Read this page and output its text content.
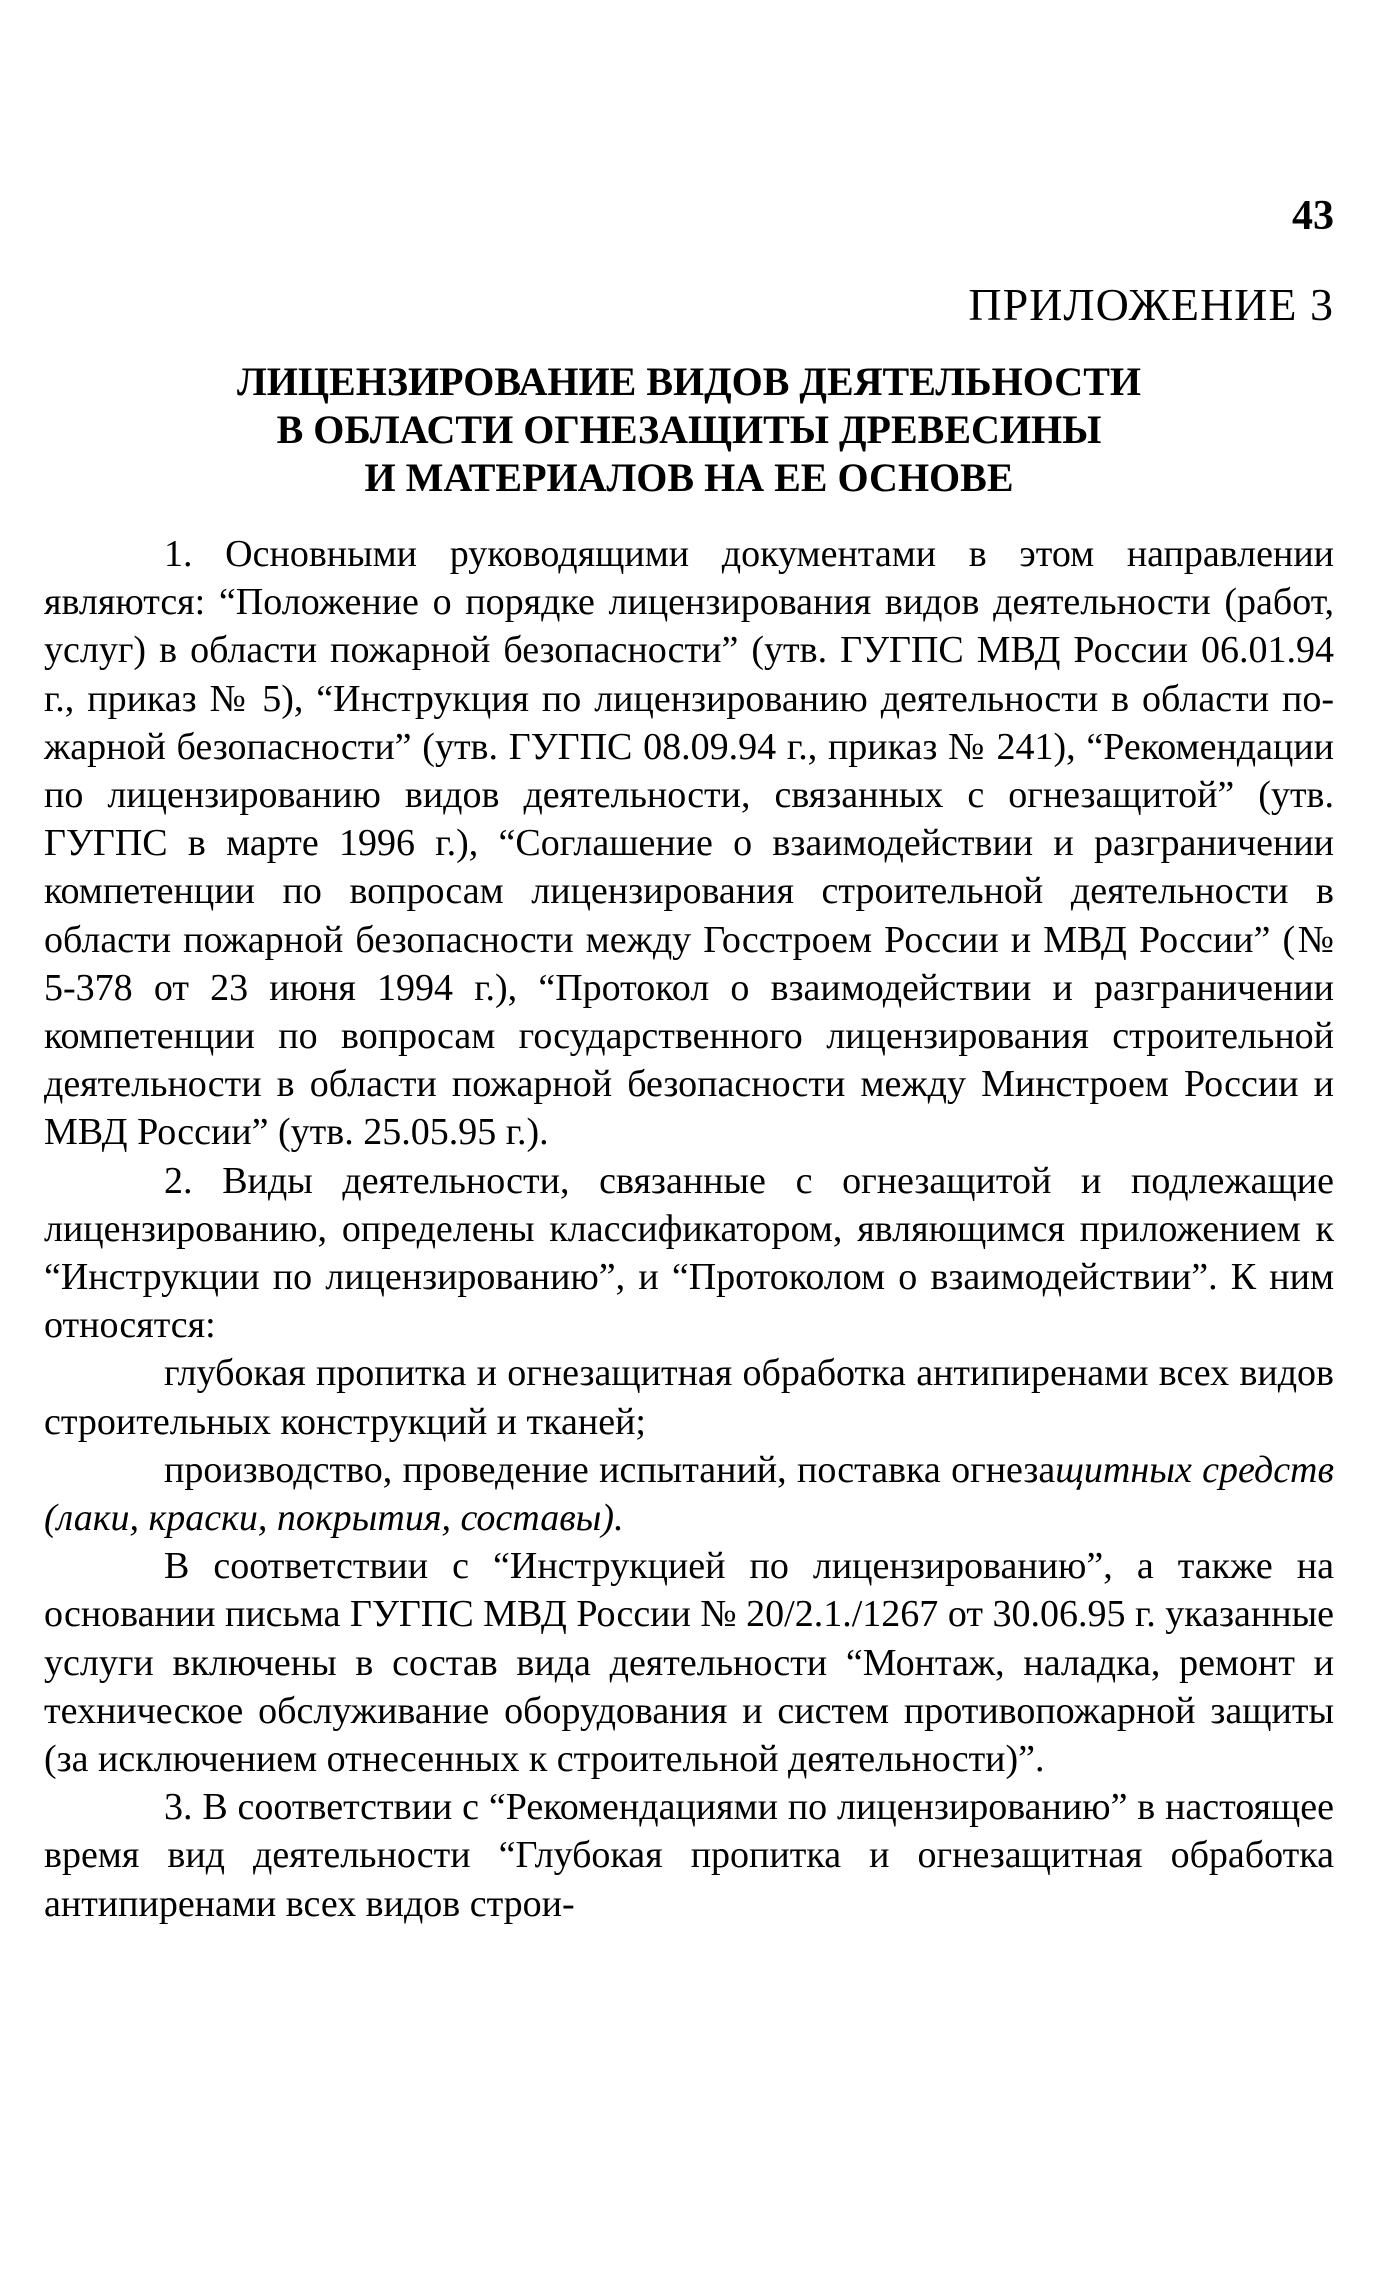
43
ПРИЛОЖЕНИЕ 3
ЛИЦЕНЗИРОВАНИЕ ВИДОВ ДЕЯТЕЛЬНОСТИ
В ОБЛАСТИ ОГНЕЗАЩИТЫ ДРЕВЕСИНЫ
И МАТЕРИАЛОВ НА ЕЕ ОСНОВЕ

1. Основными руководящими документами в этом направлении являются: “Положение о порядке лицензирования видов деятельности (работ, услуг) в области пожарной безопасности” (утв. ГУГПС МВД России 06.01.94 г., приказ № 5), “Инструкция по лицензированию деятельности в области пожарной безопасности” (утв. ГУГПС 08.09.94 г., приказ № 241), “Рекомендации по лицензированию видов деятельности, связанных с огнезащитой” (утв. ГУГПС в марте 1996 г.), “Соглашение о взаимодействии и разграничении компетенции по вопросам лицензирования строительной деятельности в области пожарной безопасности между Госстроем России и МВД России” (№ 5-378 от 23 июня 1994 г.), “Протокол о взаимодействии и разграничении компетенции по вопросам государственного лицензирования строительной деятельности в области пожарной безопасности между Минстроем России и МВД России” (утв. 25.05.95 г.).

2. Виды деятельности, связанные с огнезащитой и подлежащие лицензированию, определены классификатором, являющимся приложением к “Инструкции по лицензированию”, и “Протоколом о взаимодействии”. К ним относятся:

глубокая пропитка и огнезащитная обработка антипиренами всех видов строительных конструкций и тканей;

производство, проведение испытаний, поставка огнезащитных средств (лаки, краски, покрытия, составы).

В соответствии с “Инструкцией по лицензированию”, а также на основании письма ГУГПС МВД России № 20/2.1./1267 от 30.06.95 г. указанные услуги включены в состав вида деятельности “Монтаж, наладка, ремонт и техническое обслуживание оборудования и систем противопожарной защиты (за исключением отнесенных к строительной деятельности)”.

3. В соответствии с “Рекомендациями по лицензированию” в настоящее время вид деятельности “Глубокая пропитка и огнезащитная обработка антипиренами всех видов строи-
